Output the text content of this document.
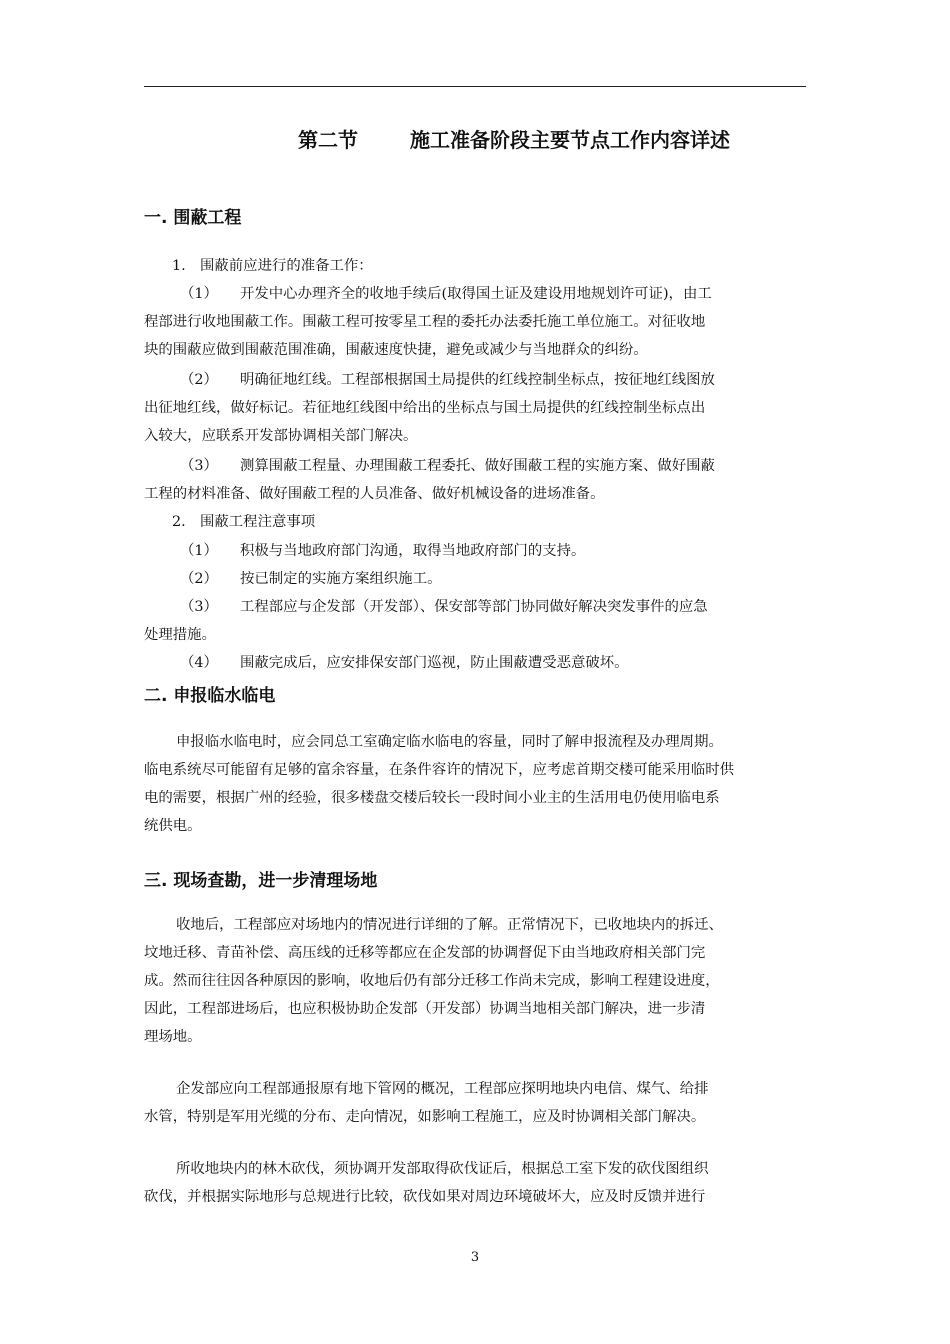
第二节	施工准备阶段主要节点工作内容详述
一. 围蔽工程
1. 围蔽前应进行的准备工作：
（1） 开发中心办理齐全的收地手续后(取得国土证及建设用地规划许可证)，由工
程部进行收地围蔽工作。围蔽工程可按零星工程的委托办法委托施工单位施工。对征收地
块的围蔽应做到围蔽范围准确，围蔽速度快捷，避免或减少与当地群众的纠纷。
（2） 明确征地红线。工程部根据国土局提供的红线控制坐标点，按征地红线图放
出征地红线，做好标记。若征地红线图中给出的坐标点与国土局提供的红线控制坐标点出
入较大，应联系开发部协调相关部门解决。
（3） 测算围蔽工程量、办理围蔽工程委托、做好围蔽工程的实施方案、做好围蔽
工程的材料准备、做好围蔽工程的人员准备、做好机械设备的进场准备。
2. 围蔽工程注意事项
（1） 积极与当地政府部门沟通，取得当地政府部门的支持。
（2） 按已制定的实施方案组织施工。
（3） 工程部应与企发部（开发部）、保安部等部门协同做好解决突发事件的应急
处理措施。
（4） 围蔽完成后，应安排保安部门巡视，防止围蔽遭受恶意破坏。
二. 申报临水临电
申报临水临电时，应会同总工室确定临水临电的容量，同时了解申报流程及办理周期。
临电系统尽可能留有足够的富余容量，在条件容许的情况下，应考虑首期交楼可能采用临时供
电的需要，根据广州的经验，很多楼盘交楼后较长一段时间小业主的生活用电仍使用临电系
统供电。
三. 现场查勘，进一步清理场地
收地后，工程部应对场地内的情况进行详细的了解。正常情况下，已收地块内的拆迁、
坟地迁移、青苗补偿、高压线的迁移等都应在企发部的协调督促下由当地政府相关部门完
成。然而往往因各种原因的影响，收地后仍有部分迁移工作尚未完成，影响工程建设进度，
因此，工程部进场后，也应积极协助企发部（开发部）协调当地相关部门解决，进一步清
理场地。
企发部应向工程部通报原有地下管网的概况，工程部应探明地块内电信、煤气、给排
水管，特别是军用光缆的分布、走向情况，如影响工程施工，应及时协调相关部门解决。
所收地块内的林木砍伐，须协调开发部取得砍伐证后，根据总工室下发的砍伐图组织
砍伐，并根据实际地形与总规进行比较，砍伐如果对周边环境破坏大，应及时反馈并进行
3
